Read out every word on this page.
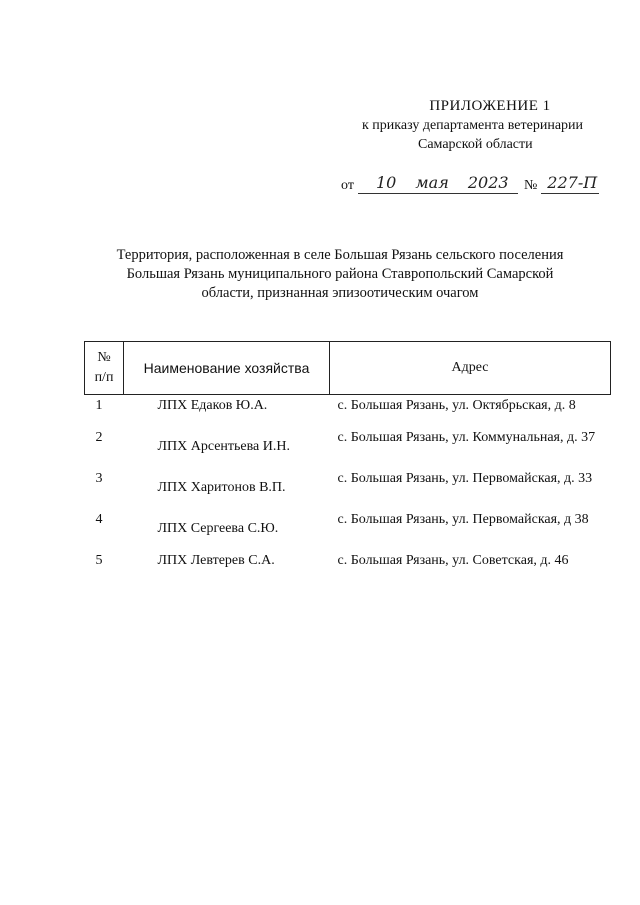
ПРИЛОЖЕНИЕ 1
к приказу департамента ветеринарии
Самарской области
от 10 мая 2023 № 227-П
Территория, расположенная в селе Большая Рязань сельского поселения
Большая Рязань муниципального района Ставропольский Самарской
области, признанная эпизоотическим очагом
№
п/п	Наименование хозяйства	Адрес
1	ЛПХ Едаков Ю.А.	с. Большая Рязань, ул. Октябрьская, д. 8
2	ЛПХ Арсентьева И.Н.	с. Большая Рязань, ул. Коммунальная, д. 37
3	ЛПХ Харитонов В.П.	с. Большая Рязань, ул. Первомайская, д. 33
4	ЛПХ Сергеева С.Ю.	с. Большая Рязань, ул. Первомайская, д 38
5	ЛПХ Левтерев С.А.	с. Большая Рязань, ул. Советская, д. 46
